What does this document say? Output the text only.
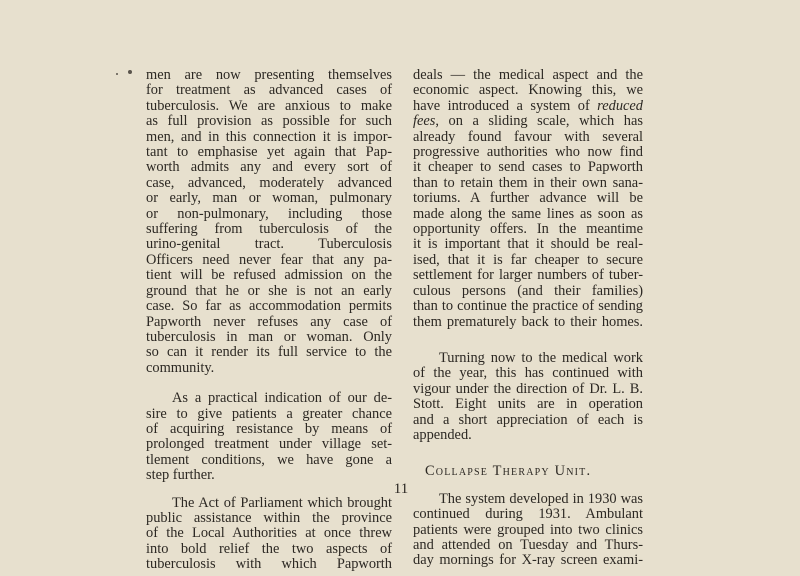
men are now presenting themselves
for treatment as advanced cases of
tuberculosis. We are anxious to make
as full provision as possible for such
men, and in this connection it is impor-
tant to emphasise yet again that Pap-
worth admits any and every sort of
case, advanced, moderately advanced
or early, man or woman, pulmonary
or non-pulmonary, including those
suffering from tuberculosis of the
urino-genital tract. Tuberculosis
Officers need never fear that any pa-
tient will be refused admission on the
ground that he or she is not an early
case. So far as accommodation permits
Papworth never refuses any case of
tuberculosis in man or woman. Only
so can it render its full service to the
community.

As a practical indication of our de-
sire to give patients a greater chance
of acquiring resistance by means of
prolonged treatment under village set-
tlement conditions, we have gone a
step further.

The Act of Parliament which brought
public assistance within the province
of the Local Authorities at once threw
into bold relief the two aspects of
tuberculosis with which Papworth

deals — the medical aspect and the
economic aspect. Knowing this, we
have introduced a system of reduced
fees, on a sliding scale, which has
already found favour with several
progressive authorities who now find
it cheaper to send cases to Papworth
than to retain them in their own sana-
toriums. A further advance will be
made along the same lines as soon as
opportunity offers. In the meantime
it is important that it should be real-
ised, that it is far cheaper to secure
settlement for larger numbers of tuber-
culous persons (and their families)
than to continue the practice of sending
them prematurely back to their homes.

Turning now to the medical work
of the year, this has continued with
vigour under the direction of Dr. L. B.
Stott. Eight units are in operation
and a short appreciation of each is
appended.

Collapse Therapy Unit.

The system developed in 1930 was
continued during 1931. Ambulant
patients were grouped into two clinics
and attended on Tuesday and Thurs-
day mornings for X-ray screen exami-

11
